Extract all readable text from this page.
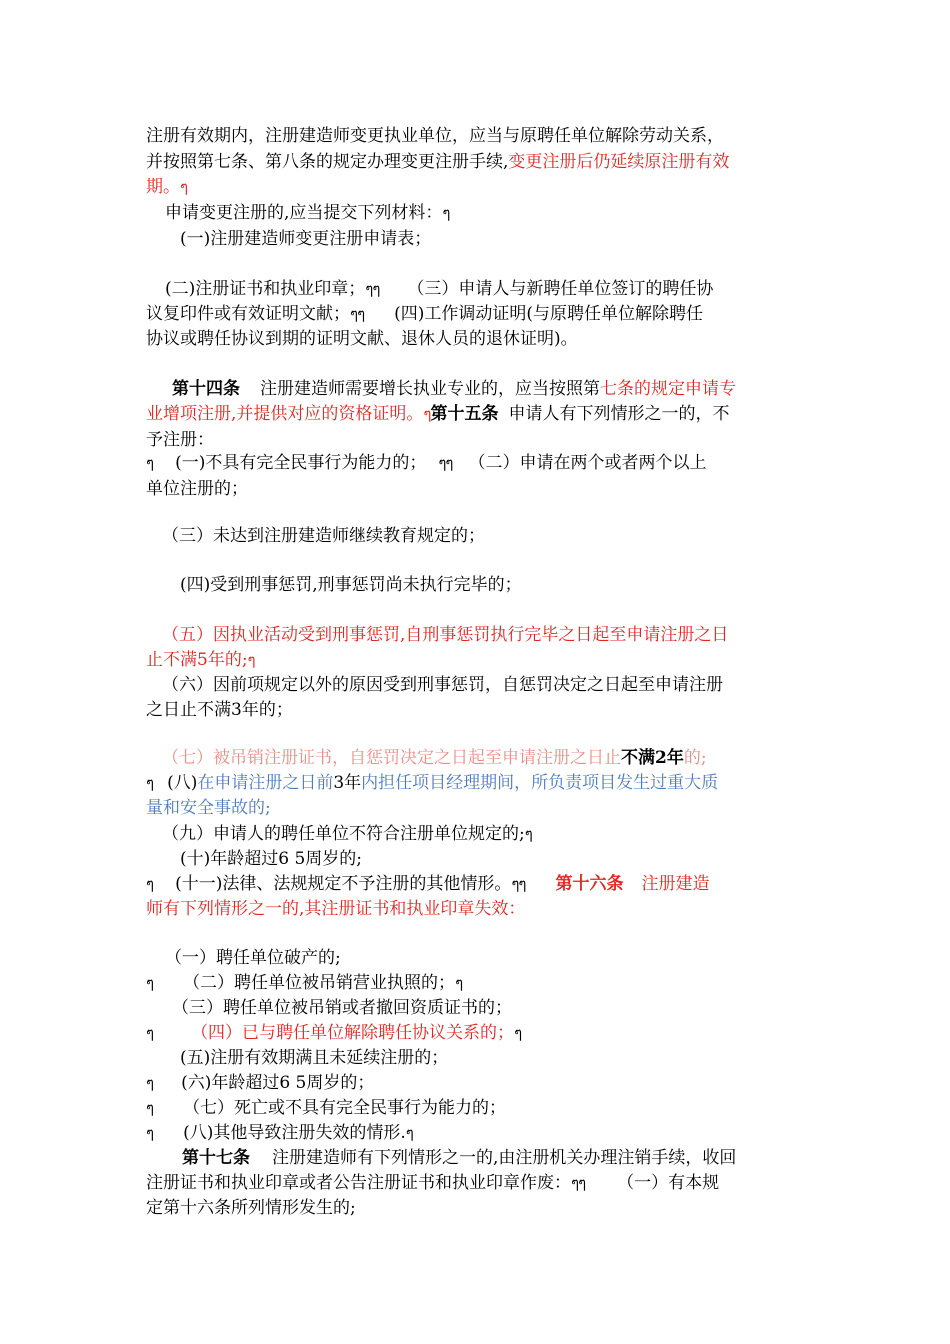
注册有效期内，注册建造师变更执业单位，应当与原聘任单位解除劳动关系，
并按照第七条、第八条的规定办理变更注册手续,变更注册后仍延续原注册有效
期。ๆ
申请变更注册的,应当提交下列材料：ๆ
(一)注册建造师变更注册申请表；
(二)注册证书和执业印章；ๆๆ （三）申请人与新聘任单位签订的聘任协
议复印件或有效证明文献；ๆๆ (四)工作调动证明(与原聘任单位解除聘任
协议或聘任协议到期的证明文献、退休人员的退休证明)。
第十四条 注册建造师需要增长执业专业的，应当按照第七条的规定申请专
业增项注册,并提供对应的资格证明。ๆ第十五条 申请人有下列情形之一的，不
予注册：
ๆ (一)不具有完全民事行为能力的； ๆๆ （二）申请在两个或者两个以上
单位注册的；
（三）未达到注册建造师继续教育规定的；
(四)受到刑事惩罚,刑事惩罚尚未执行完毕的；
（五）因执业活动受到刑事惩罚,自刑事惩罚执行完毕之日起至申请注册之日
止不满5年的;ๆ
（六）因前项规定以外的原因受到刑事惩罚，自惩罚决定之日起至申请注册
之日止不满3年的；
（七）被吊销注册证书，自惩罚决定之日起至申请注册之日止不满2年的;
ๆ (八)在申请注册之日前3年内担任项目经理期间，所负责项目发生过重大质
量和安全事故的;
（九）申请人的聘任单位不符合注册单位规定的;ๆ
(十)年龄超过6 5周岁的;
ๆ (十一)法律、法规规定不予注册的其他情形。ๆๆ 第十六条 注册建造
师有下列情形之一的,其注册证书和执业印章失效：
（一）聘任单位破产的;
ๆ （二）聘任单位被吊销营业执照的；ๆ
（三）聘任单位被吊销或者撤回资质证书的；
ๆ （四）已与聘任单位解除聘任协议关系的；ๆ
(五)注册有效期满且未延续注册的；
ๆ (六)年龄超过6 5周岁的；
ๆ （七）死亡或不具有完全民事行为能力的；
ๆ (八)其他导致注册失效的情形.ๆ
第十七条 注册建造师有下列情形之一的,由注册机关办理注销手续，收回
注册证书和执业印章或者公告注册证书和执业印章作废：ๆๆ （一）有本规
定第十六条所列情形发生的;
